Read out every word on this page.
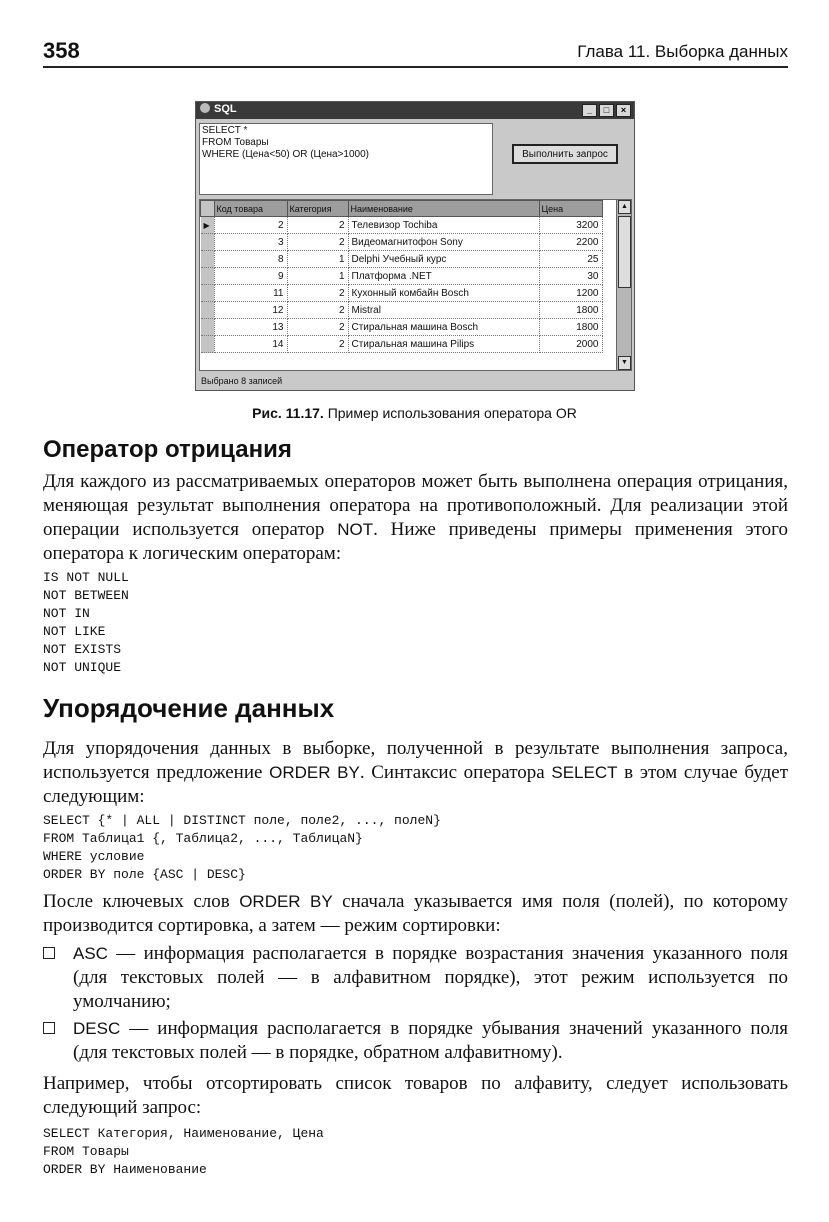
358	Глава 11. Выборка данных
SQL	_ □ ×
SELECT *
FROM Товары
WHERE (Цена<50) OR (Цена>1000)	Выполнить запрос
	Код товара	Категория	Наименование	Цена
▶	2	2	Телевизор Tochiba	3200
	3	2	Видеомагнитофон Sony	2200
	8	1	Delphi Учебный курс	25
	9	1	Платформа .NET	30
	11	2	Кухонный комбайн Bosch	1200
	12	2	Mistral	1800
	13	2	Стиральная машина Bosch	1800
	14	2	Стиральная машина Pilips	2000
▲
▼
Выбрано 8 записей
Рис. 11.17. Пример использования оператора OR
Оператор отрицания

Для каждого из рассматриваемых операторов может быть выполнена операция отрицания, меняющая результат выполнения оператора на противоположный. Для реализации этой операции используется оператор NOT. Ниже приведены примеры применения этого оператора к логическим операторам:

IS NOT NULL
NOT BETWEEN
NOT IN
NOT LIKE
NOT EXISTS
NOT UNIQUE
Упорядочение данных

Для упорядочения данных в выборке, полученной в результате выполнения запроса, используется предложение ORDER BY. Синтаксис оператора SELECT в этом случае будет следующим:

SELECT {* | ALL | DISTINCT поле, поле2, ..., полеN}
FROM Таблица1 {, Таблица2, ..., ТаблицаN}
WHERE условие
ORDER BY поле {ASC | DESC}

После ключевых слов ORDER BY сначала указывается имя поля (полей), по которому производится сортировка, а затем — режим сортировки:

ASC — информация располагается в порядке возрастания значения указанного поля (для текстовых полей — в алфавитном порядке), этот режим используется по умолчанию;

DESC — информация располагается в порядке убывания значений указанного поля (для текстовых полей — в порядке, обратном алфавитному).

Например, чтобы отсортировать список товаров по алфавиту, следует использовать следующий запрос:

SELECT Категория, Наименование, Цена
FROM Товары
ORDER BY Наименование
